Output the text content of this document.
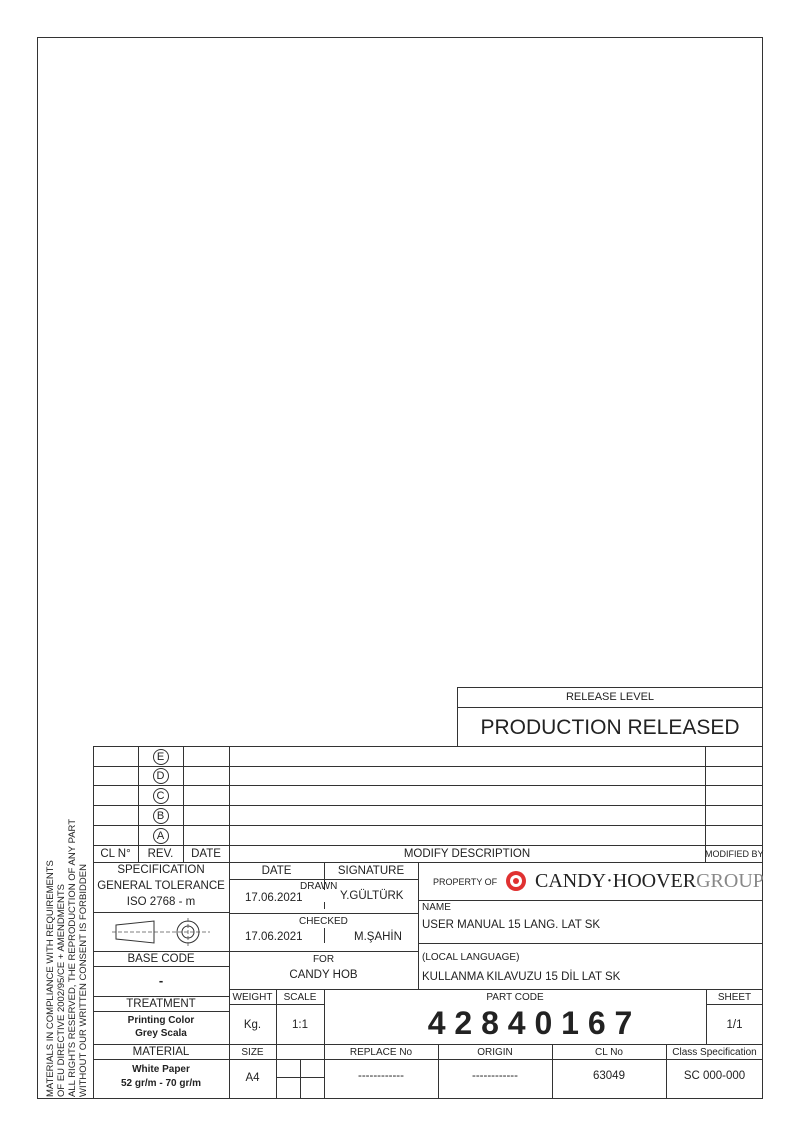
RELEASE LEVEL
PRODUCTION RELEASED
E
D
C
B
A
CL N°	REV.	DATE	MODIFY DESCRIPTION	MODIFIED BY
SPECIFICATION
GENERAL TOLERANCE
ISO 2768 - m
BASE CODE
-
TREATMENT
Printing Color
Grey Scala
MATERIAL
White Paper
52 gr/m - 70 gr/m
DATE	SIGNATURE
DRAWN
17.06.2021	Y.GÜLTÜRK
CHECKED
17.06.2021	M.ŞAHİN
FOR
CANDY HOB
PROPERTY OF CANDY·HOOVERGROUP
NAME
USER MANUAL 15 LANG. LAT SK
(LOCAL LANGUAGE)
KULLANMA KILAVUZU 15 DİL LAT SK
WEIGHT	SCALE	PART CODE	SHEET
Kg.	1:1	4 2 8 4 0 1 6 7	1/1
SIZE	REPLACE No	ORIGIN	CL No	Class Specification
A4	------------	------------	63049	SC 000-000
MATERIALS IN COMPLIANCE WITH REQUIREMENTS OF EU DIRECTIVE 2002/95/CE + AMENDMENTS ALL RIGHTS RESERVED, THE REPRODUCTION OF ANY PART WITHOUT OUR WRITTEN CONSENT IS FORBIDDEN
